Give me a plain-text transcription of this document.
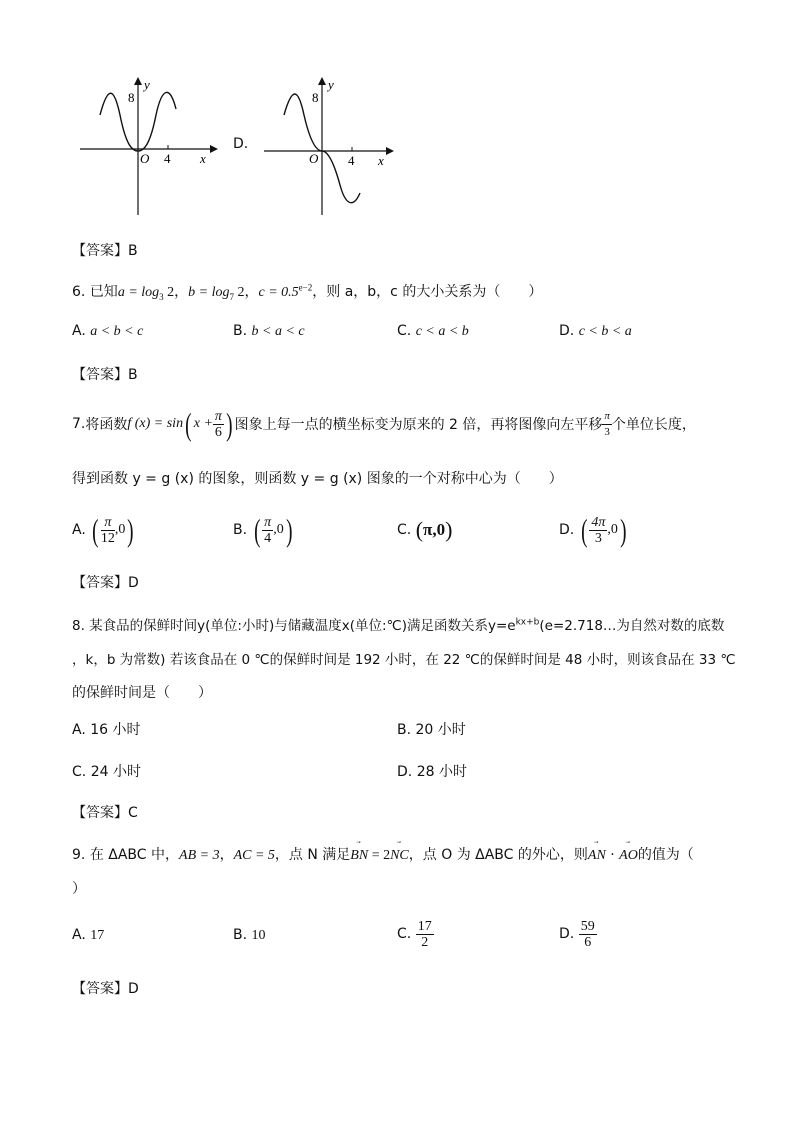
y
8
O 4 x
D.
y
8
O 4 x
【答案】B
6. 已知$a = \log_3 2$，$b = \log_7 2$，$c = 0.5^{e-2}$，则 a，b，c 的大小关系为（　　）
A. a < b < c	B. b < a < c	C. c < a < b	D. c < b < a
【答案】B
7. 将函数 f (x) = sin ( $x + \frac{\pi}{6}$ ) 图象上每一点的横坐标变为原来的 2 倍，再将图像向左平移 $\frac{\pi}{3}$ 个单位长度，
得到函数 y = g (x) 的图象，则函数 y = g (x) 图象的一个对称中心为（　　）
A.
( $\frac{\pi}{12} ,0$ )	B.
( $\frac{\pi}{4} ,0$ )	C.
( π,0 )	D.
( $\frac{4\pi}{3} ,0$ )
【答案】D
8. 某食品的保鲜时间y(单位:小时)与储藏温度x(单位:℃)满足函数关系$y=e^{kx+b}(e=2.718\dots$为自然对数的底数
，k，b 为常数) 若该食品在 0 ℃的保鲜时间是 192 小时，在 22 ℃的保鲜时间是 48 小时，则该食品在 33 ℃
的保鲜时间是（　　）
A. 16 小时	B. 20 小时
C. 24 小时	D. 28 小时
【答案】C
9. 在 ΔABC 中，AB = 3，AC = 5，点 N 满足
BN = 2
NC，点 O 为 ΔABC 的外心，则
AN ·
AO的值为（
）
A. 17	B. 10	C.
$\frac{17}{2}$	D.
$\frac{59}{6}$
【答案】D
